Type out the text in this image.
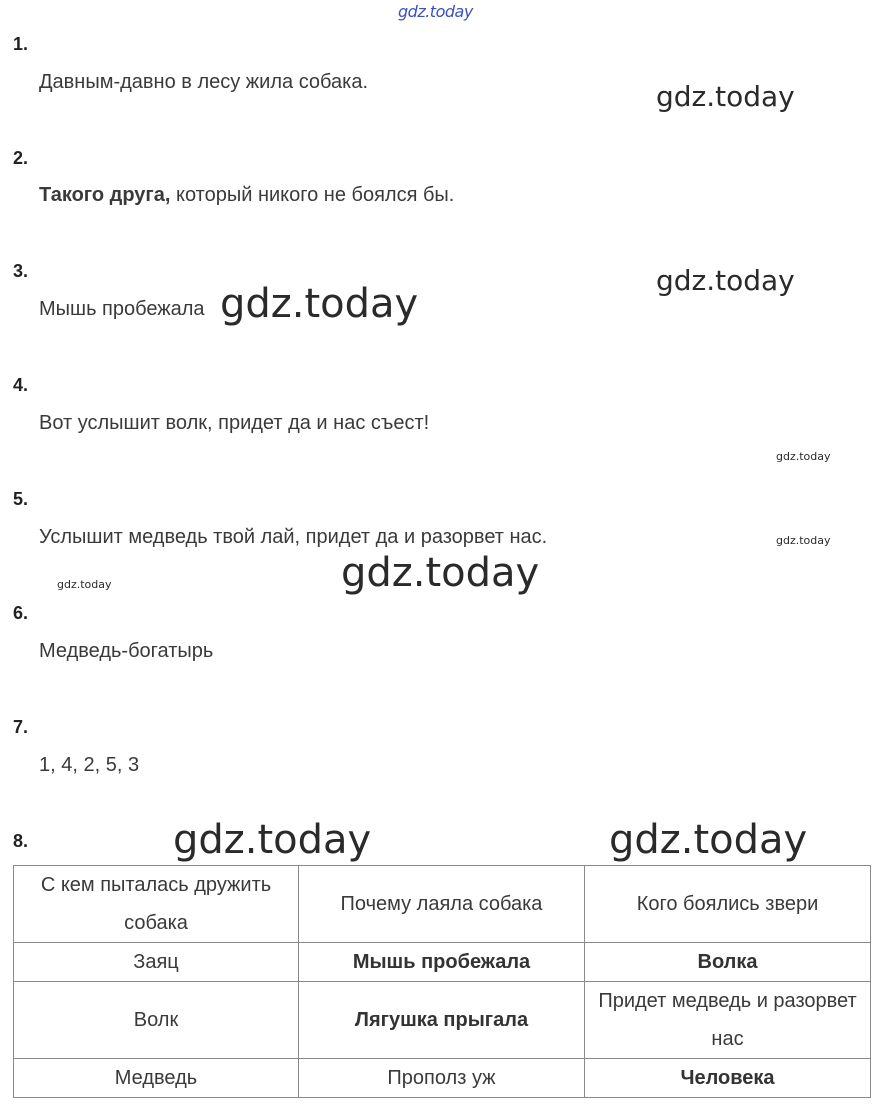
gdz.today
1.
Давным-давно в лесу жила собака.	gdz.today
2.
Такого друга, который никого не боялся бы.
3.	gdz.today
Мышь пробежала gdz.today
4.
Вот услышит волк, придет да и нас съест!
gdz.today
5.
Услышит медведь твой лай, придет да и разорвет нас.	gdz.today
gdz.today
gdz.today
6.
Медведь-богатырь
7.
1, 4, 2, 5, 3
8.	gdz.today	gdz.today
С кем пыталась дружить собака	Почему лаяла собака	Кого боялись звери
Заяц	Мышь пробежала	Волка
Волк	Лягушка прыгала	Придет медведь и разорвет нас
Медведь	Прополз уж	Человека
